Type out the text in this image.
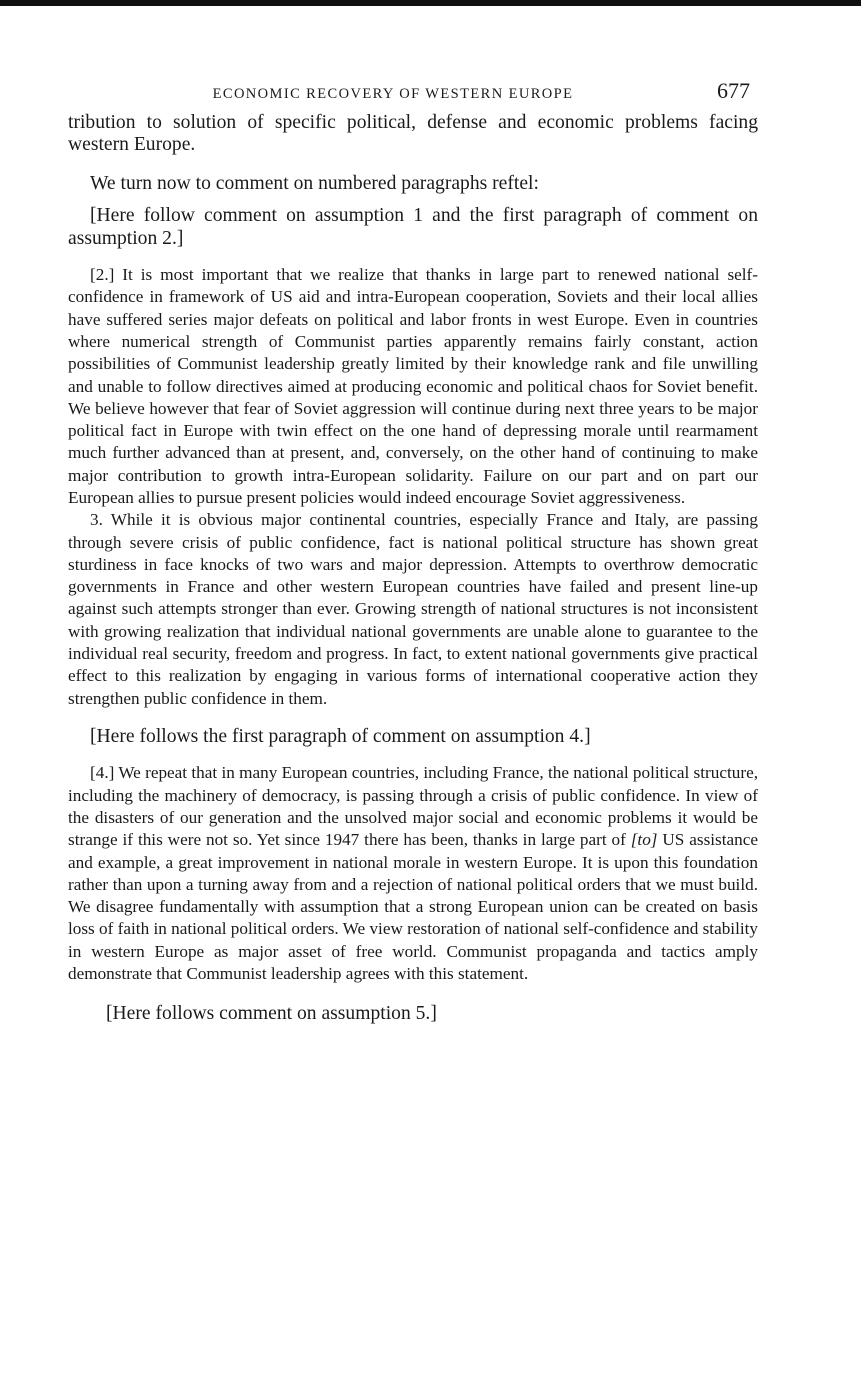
ECONOMIC RECOVERY OF WESTERN EUROPE	677

tribution to solution of specific political, defense and economic problems facing western Europe.

We turn now to comment on numbered paragraphs reftel:

[Here follow comment on assumption 1 and the first paragraph of comment on assumption 2.]

[2.] It is most important that we realize that thanks in large part to renewed national self-confidence in framework of US aid and intra-European cooperation, Soviets and their local allies have suffered series major defeats on political and labor fronts in west Europe. Even in countries where numerical strength of Communist parties apparently remains fairly constant, action possibilities of Communist leadership greatly limited by their knowledge rank and file unwilling and unable to follow directives aimed at producing economic and political chaos for Soviet benefit. We believe however that fear of Soviet aggression will continue during next three years to be major political fact in Europe with twin effect on the one hand of depressing morale until rearmament much further advanced than at present, and, conversely, on the other hand of continuing to make major contribution to growth intra-European solidarity. Failure on our part and on part our European allies to pursue present policies would indeed encourage Soviet aggressiveness.

3. While it is obvious major continental countries, especially France and Italy, are passing through severe crisis of public confidence, fact is national political structure has shown great sturdiness in face knocks of two wars and major depression. Attempts to overthrow democratic governments in France and other western European countries have failed and present line-up against such attempts stronger than ever. Growing strength of national structures is not inconsistent with growing realization that individual national governments are unable alone to guarantee to the individual real security, freedom and progress. In fact, to extent national governments give practical effect to this realization by engaging in various forms of international cooperative action they strengthen public confidence in them.

[Here follows the first paragraph of comment on assumption 4.]

[4.] We repeat that in many European countries, including France, the national political structure, including the machinery of democracy, is passing through a crisis of public confidence. In view of the disasters of our generation and the unsolved major social and economic problems it would be strange if this were not so. Yet since 1947 there has been, thanks in large part of [to] US assistance and example, a great improvement in national morale in western Europe. It is upon this foundation rather than upon a turning away from and a rejection of national political orders that we must build. We disagree fundamentally with assumption that a strong European union can be created on basis loss of faith in national political orders. We view restoration of national self-confidence and stability in western Europe as major asset of free world. Communist propaganda and tactics amply demonstrate that Communist leadership agrees with this statement.

[Here follows comment on assumption 5.]
